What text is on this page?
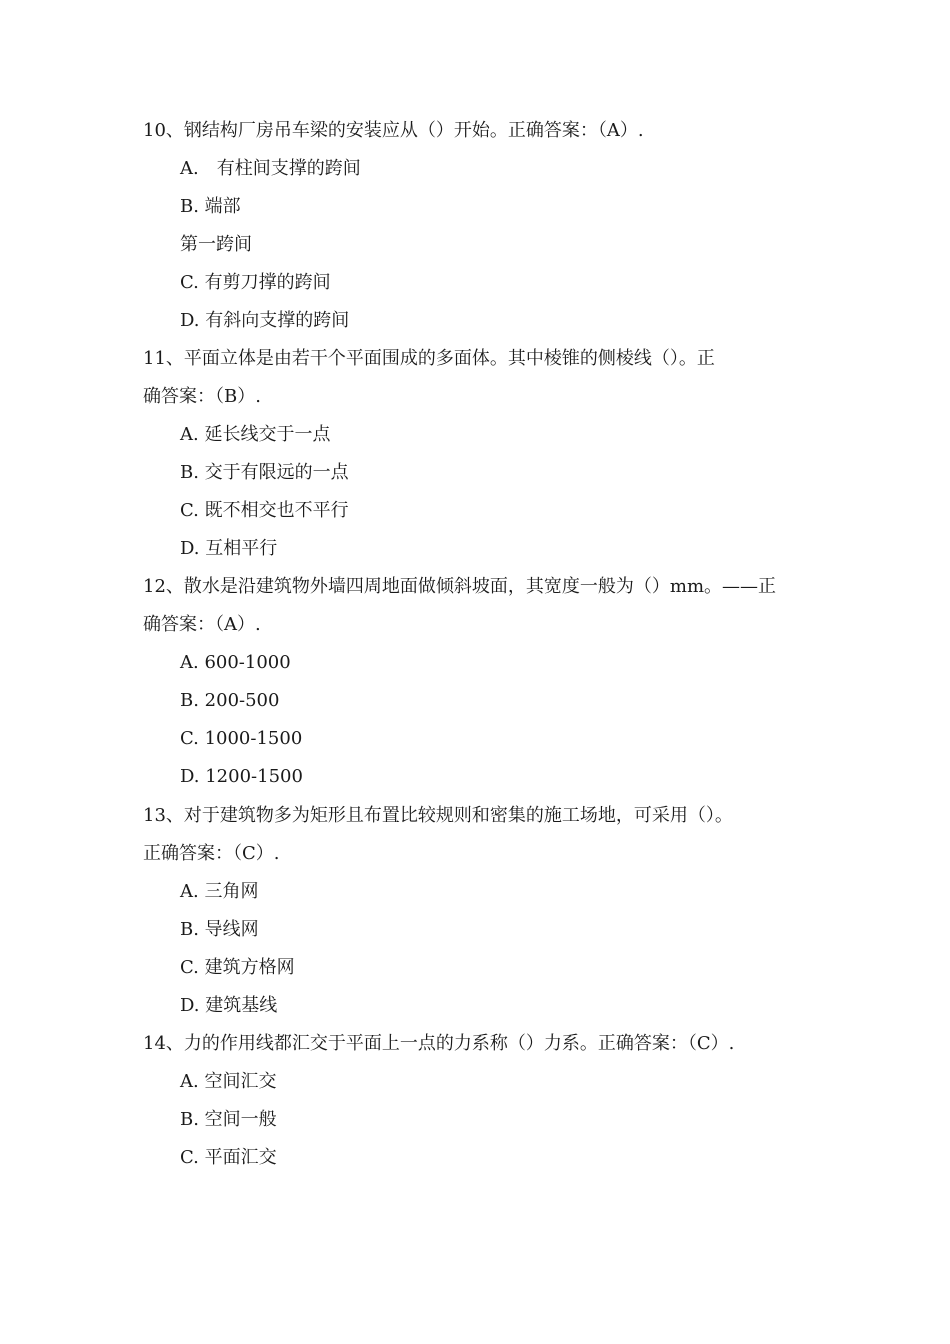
10、钢结构厂房吊车梁的安装应从（）开始。正确答案：（A）.
A.　有柱间支撑的跨间
B. 端部
第一跨间
C. 有剪刀撑的跨间
D. 有斜向支撑的跨间
11、平面立体是由若干个平面围成的多面体。其中棱锥的侧棱线（）。正
确答案：（B）.
A. 延长线交于一点
B. 交于有限远的一点
C. 既不相交也不平行
D. 互相平行
12、散水是沿建筑物外墙四周地面做倾斜坡面，其宽度一般为（）mm。——正
确答案：（A）.
A. 600-1000
B. 200-500
C. 1000-1500
D. 1200-1500
13、对于建筑物多为矩形且布置比较规则和密集的施工场地，可采用（）。
正确答案：（C）.
A. 三角网
B. 导线网
C. 建筑方格网
D. 建筑基线
14、力的作用线都汇交于平面上一点的力系称（）力系。正确答案：（C）.
A. 空间汇交
B. 空间一般
C. 平面汇交
